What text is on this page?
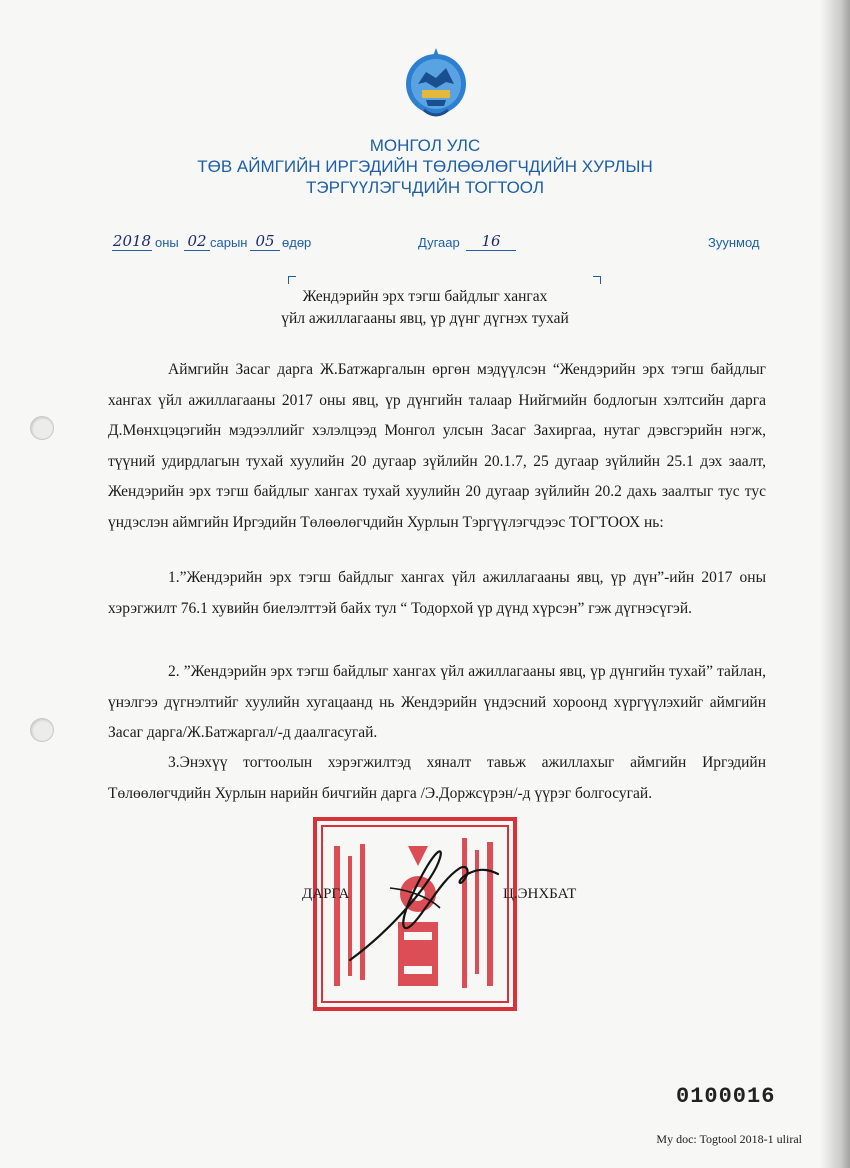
МОНГОЛ УЛС
ТӨВ АЙМГИЙН ИРГЭДИЙН ТӨЛӨӨЛӨГЧДИЙН ХУРЛЫН
ТЭРГҮҮЛЭГЧДИЙН ТОГТООЛ
2018 оны 02 сарын 05 өдөр	Дугаар	16	Зуунмод
Жендэрийн эрх тэгш байдлыг хангах
үйл ажиллагааны явц, үр дүнг дүгнэх тухай

Аймгийн Засаг дарга Ж.Батжаргалын өргөн мэдүүлсэн “Жендэрийн эрх тэгш байдлыг хангах үйл ажиллагааны 2017 оны явц, үр дүнгийн талаар Нийгмийн бодлогын хэлтсийн дарга Д.Мөнхцэцэгийн мэдээллийг хэлэлцээд Монгол улсын Засаг Захиргаа, нутаг дэвсгэрийн нэгж, түүний удирдлагын тухай хуулийн 20 дугаар зүйлийн 20.1.7, 25 дугаар зүйлийн 25.1 дэх заалт, Жендэрийн эрх тэгш байдлыг хангах тухай хуулийн 20 дугаар зүйлийн 20.2 дахь заалтыг тус тус үндэслэн аймгийн Иргэдийн Төлөөлөгчдийн Хурлын Тэргүүлэгчдээс ТОГТООХ нь:

1.”Жендэрийн эрх тэгш байдлыг хангах үйл ажиллагааны явц, үр дүн”-ийн 2017 оны хэрэгжилт 76.1 хувийн биелэлттэй байх тул “ Тодорхой үр дүнд хүрсэн” гэж дүгнэсүгэй.

2. ”Жендэрийн эрх тэгш байдлыг хангах үйл ажиллагааны явц, үр дүнгийн тухай” тайлан, үнэлгээ дүгнэлтийг хуулийн хугацаанд нь Жендэрийн үндэсний хороонд хүргүүлэхийг аймгийн Засаг дарга/Ж.Батжаргал/-д даалгасугай.

3.Энэхүү тогтоолын хэрэгжилтэд хяналт тавьж ажиллахыг аймгийн Иргэдийн Төлөөлөгчдийн Хурлын нарийн бичгийн дарга /Э.Доржсүрэн/-д үүрэг болгосугай.

ДАРГА	Ц.ЭНХБАТ
0100016
My doc: Togtool 2018-1 uliral
